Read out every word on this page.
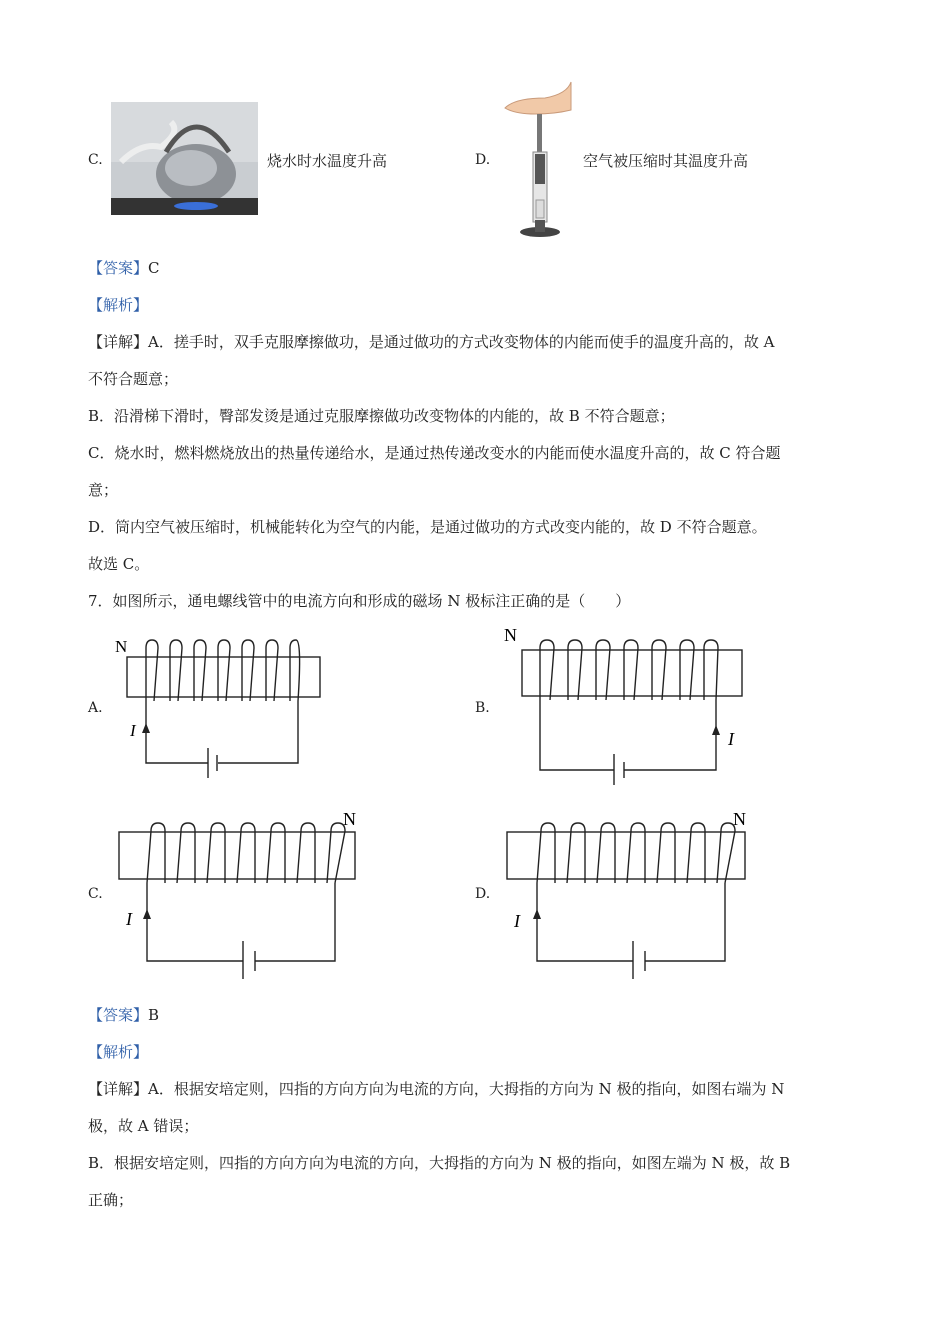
C.	烧水时水温度升高	D.	空气被压缩时其温度升高
【答案】C
【解析】
【详解】A．搓手时，双手克服摩擦做功，是通过做功的方式改变物体的内能而使手的温度升高的，故 A
不符合题意；
B．沿滑梯下滑时，臀部发烫是通过克服摩擦做功改变物体的内能的，故 B 不符合题意；
C．烧水时，燃料燃烧放出的热量传递给水，是通过热传递改变水的内能而使水温度升高的，故 C 符合题
意；
D．筒内空气被压缩时，机械能转化为空气的内能，是通过做功的方式改变内能的，故 D 不符合题意。
故选 C。
7．如图所示，通电螺线管中的电流方向和形成的磁场 N 极标注正确的是（　　）
A.
N
I
B.
N
I
C.
N
I
D.
N
I
【答案】B
【解析】
【详解】A．根据安培定则，四指的方向方向为电流的方向，大拇指的方向为 N 极的指向，如图右端为 N
极，故 A 错误；
B．根据安培定则，四指的方向方向为电流的方向，大拇指的方向为 N 极的指向，如图左端为 N 极，故 B
正确；
